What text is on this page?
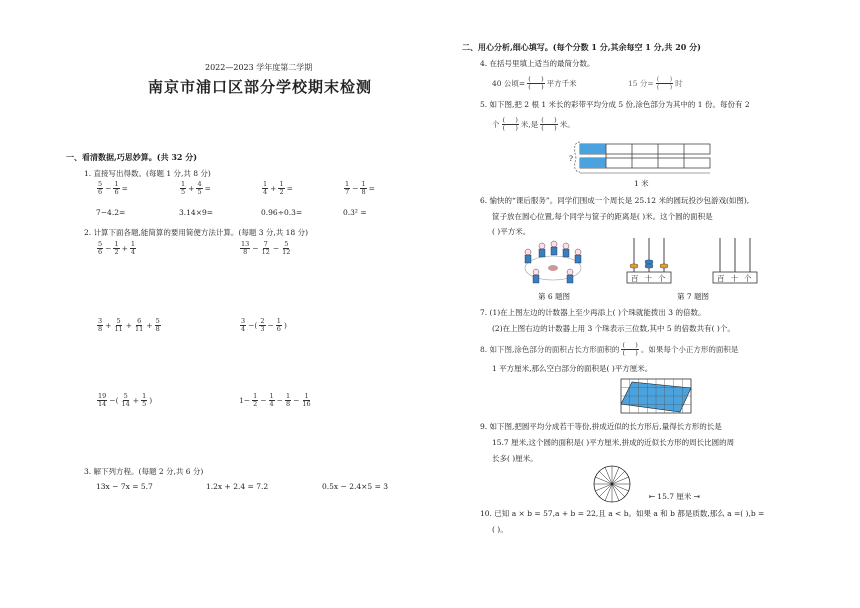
2022—2023 学年度第二学期
南京市浦口区部分学校期末检测
一、看清数据,巧思妙算。(共 32 分)
1. 直接写出得数。(每题 1 分,共 8 分)
$\frac{5}{6} - \frac{1}{6}$ =	$\frac{1}{5} + \frac{4}{5}$ =	$\frac{1}{4} + \frac{1}{2}$ =	$\frac{1}{7} - \frac{1}{8}$ =
7−4.2=	3.14×9=	0.96÷0.3=	0.3² =
2. 计算下面各题,能简算的要用简便方法计算。(每题 3 分,共 18 分)
$\frac{5}{6} - \frac{1}{2} + \frac{1}{4}$	$\frac{13}{8} - \frac{7}{12} - \frac{5}{12}$
$\frac{3}{8} + \frac{5}{11} + \frac{6}{11} + \frac{5}{8}$	$\frac{3}{4}$ −( $\frac{2}{3} - \frac{1}{6}$ )
$\frac{19}{14}$ −( $\frac{5}{14} + \frac{1}{5}$ )	$1- \frac{1}{2} - \frac{1}{4} - \frac{1}{8} - \frac{1}{16}$
3. 解下列方程。(每题 2 分,共 6 分)
13x − 7x = 5.7	1.2x + 2.4 = 7.2	0.5x − 2.4×5 = 3
二、用心分析,细心填写。(每个分数 1 分,其余每空 1 分,共 20 分)
4. 在括号里填上适当的最简分数。
40 公顷= $\frac{( )}{( )}$ 平方千米	15 分= $\frac{( )}{( )}$ 时
5. 如下图,把 2 根 1 米长的彩带平均分成 5 份,涂色部分为其中的 1 份。每份有 2
个 $\frac{( )}{( )}$ 米,是 $\frac{( )}{( )}$ 米。
?
1 米
6. 愉快的“课后服务”。同学们围成一个周长是 25.12 米的圆玩投沙包游戏(如图),
筐子放在圆心位置,每个同学与筐子的距离是( )米。这个圆的面积是
( )平方米。
第 6 题图
百十个	百十个
第 7 题图
7. (1)在上图左边的计数器上至少再添上( )个珠就能拨出 3 的倍数。
(2)在上图右边的计数器上用 3 个珠表示三位数,其中 5 的倍数共有( )个。
8. 如下图,涂色部分的面积占长方形面积的 $\frac{( )}{( )}$ 。如果每个小正方形的面积是
1 平方厘米,那么空白部分的面积是( )平方厘米。
9. 如下图,把圆平均分成若干等份,拼成近似的长方形后,量得长方形的长是
15.7 厘米,这个圆的面积是( )平方厘米,拼成的近似长方形的周长比圆的周
长多( )厘米。
⇤ 15.7 厘米 ⇥
10. 已知 a × b = 57,a + b = 22,且 a < b。如果 a 和 b 都是质数,那么 a =( ),b =
( )。
